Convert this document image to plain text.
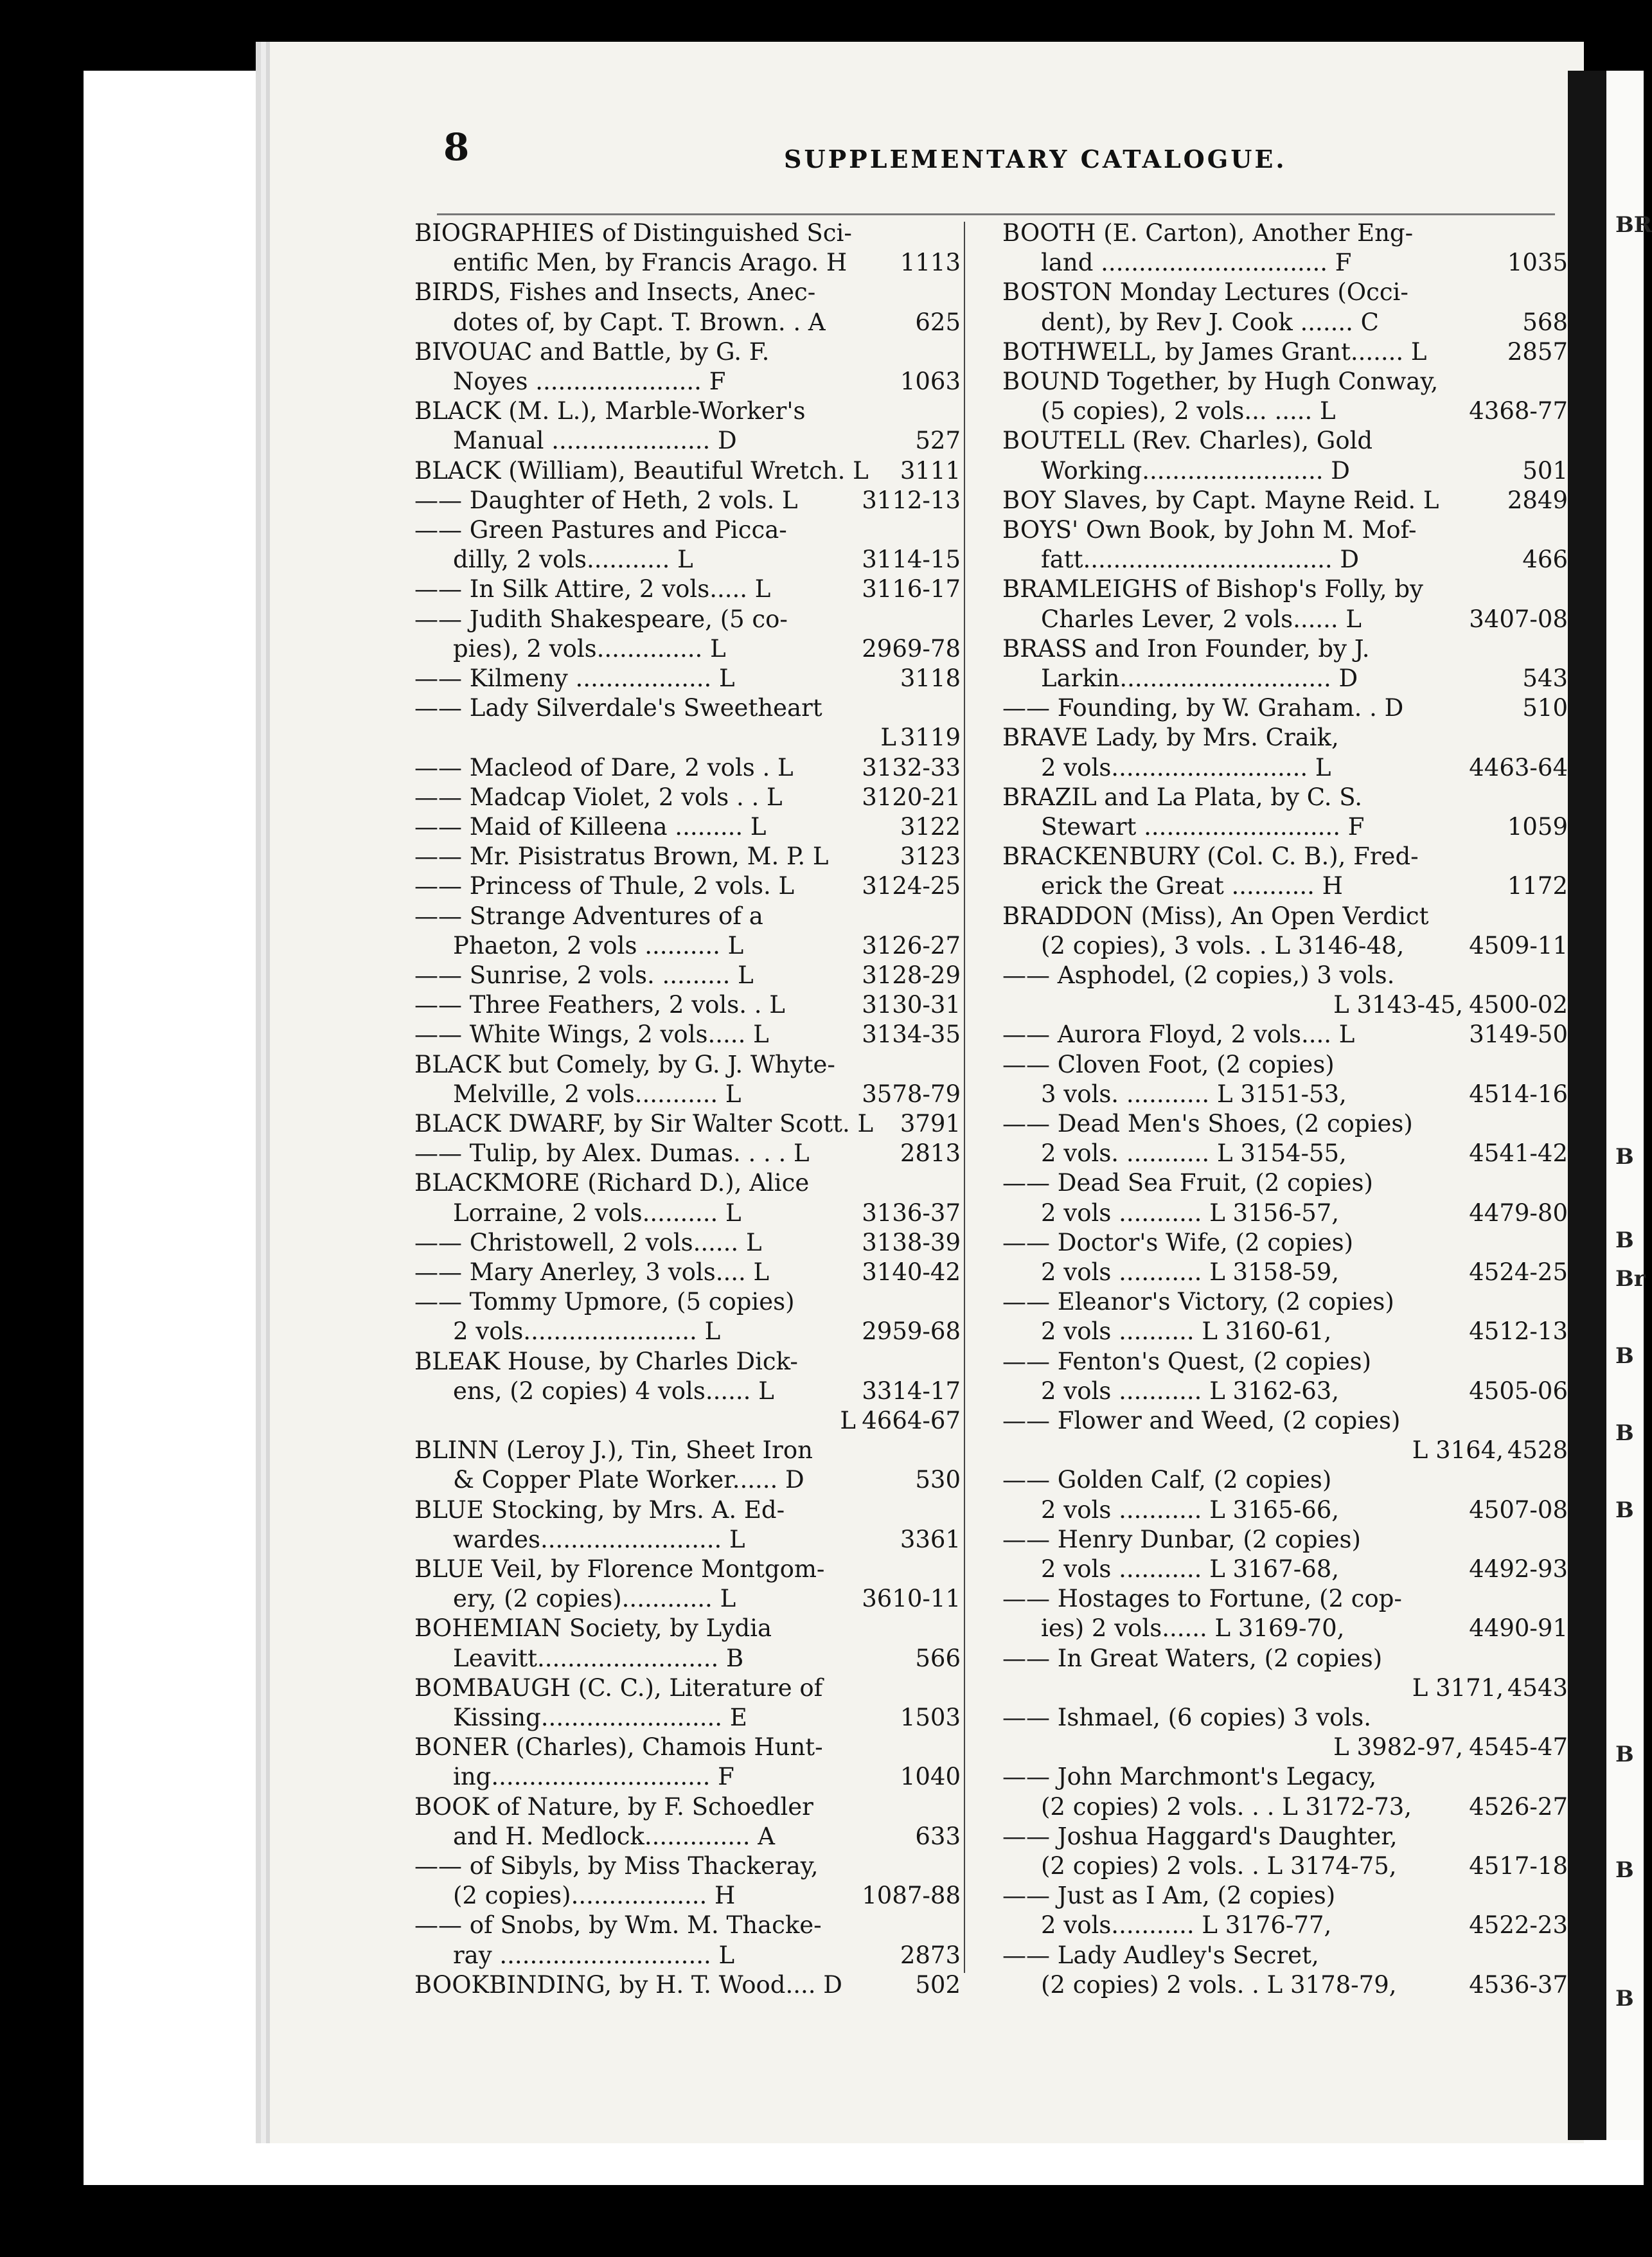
BR
B
B
Br
B
B
B
B
B
B
8	SUPPLEMENTARY CATALOGUE.
BIOGRAPHIES of Distinguished Sci-
entific Men, by Francis Arago. H 1113
BIRDS, Fishes and Insects, Anec-
dotes of, by Capt. T. Brown. . A	625
BIVOUAC and Battle, by G. F.
Noyes ...................... F	1063
BLACK (M. L.), Marble-Worker's
Manual ..................... D	527
BLACK (William), Beautiful Wretch. L 3111
—— Daughter of Heth, 2 vols. L	3112-13
—— Green Pastures and Picca-
dilly, 2 vols........... L	3114-15
—— In Silk Attire, 2 vols..... L	3116-17
—— Judith Shakespeare, (5 co-
pies), 2 vols.............. L	2969-78
—— Kilmeny .................. L	3118
—— Lady Silverdale's Sweetheart
L 3119
—— Macleod of Dare, 2 vols . L	3132-33
—— Madcap Violet, 2 vols . . L	3120-21
—— Maid of Killeena ......... L	3122
—— Mr. Pisistratus Brown, M. P. L	3123
—— Princess of Thule, 2 vols. L	3124-25
—— Strange Adventures of a
Phaeton, 2 vols .......... L	3126-27
—— Sunrise, 2 vols. ......... L	3128-29
—— Three Feathers, 2 vols. . L	3130-31
—— White Wings, 2 vols..... L	3134-35
BLACK but Comely, by G. J. Whyte-
Melville, 2 vols........... L	3578-79
BLACK DWARF, by Sir Walter Scott. L 3791
—— Tulip, by Alex. Dumas. . . . L	2813
BLACKMORE (Richard D.), Alice
Lorraine, 2 vols.......... L	3136-37
—— Christowell, 2 vols...... L	3138-39
—— Mary Anerley, 3 vols.... L	3140-42
—— Tommy Upmore, (5 copies)
2 vols....................... L	2959-68
BLEAK House, by Charles Dick-
ens, (2 copies) 4 vols...... L	3314-17
L 4664-67
BLINN (Leroy J.), Tin, Sheet Iron
& Copper Plate Worker...... D	530
BLUE Stocking, by Mrs. A. Ed-
wardes........................ L	3361
BLUE Veil, by Florence Montgom-
ery, (2 copies)............ L	3610-11
BOHEMIAN Society, by Lydia
Leavitt........................ B	566
BOMBAUGH (C. C.), Literature of
Kissing........................ E	1503
BONER (Charles), Chamois Hunt-
ing............................. F	1040
BOOK of Nature, by F. Schoedler
and H. Medlock.............. A	633
—— of Sibyls, by Miss Thackeray,
(2 copies).................. H	1087-88
—— of Snobs, by Wm. M. Thacke-
ray ............................ L	2873
BOOKBINDING, by H. T. Wood.... D	502
BOOTH (E. Carton), Another Eng-
land .............................. F	1035
BOSTON Monday Lectures (Occi-
dent), by Rev J. Cook ....... C	568
BOTHWELL, by James Grant....... L	2857
BOUND Together, by Hugh Conway,
(5 copies), 2 vols... ..... L	4368-77
BOUTELL (Rev. Charles), Gold
Working........................ D	501
BOY Slaves, by Capt. Mayne Reid. L	2849
BOYS' Own Book, by John M. Mof-
fatt................................. D	466
BRAMLEIGHS of Bishop's Folly, by
Charles Lever, 2 vols...... L	3407-08
BRASS and Iron Founder, by J.
Larkin............................ D	543
—— Founding, by W. Graham. . D	510
BRAVE Lady, by Mrs. Craik,
2 vols.......................... L	4463-64
BRAZIL and La Plata, by C. S.
Stewart .......................... F	1059
BRACKENBURY (Col. C. B.), Fred-
erick the Great ........... H	1172
BRADDON (Miss), An Open Verdict
(2 copies), 3 vols. . L 3146-48,	4509-11
—— Asphodel, (2 copies,) 3 vols.
L 3143-45, 4500-02
—— Aurora Floyd, 2 vols.... L	3149-50
—— Cloven Foot, (2 copies)
3 vols. ........... L 3151-53,	4514-16
—— Dead Men's Shoes, (2 copies)
2 vols. ........... L 3154-55,	4541-42
—— Dead Sea Fruit, (2 copies)
2 vols ........... L 3156-57,	4479-80
—— Doctor's Wife, (2 copies)
2 vols ........... L 3158-59,	4524-25
—— Eleanor's Victory, (2 copies)
2 vols .......... L 3160-61,	4512-13
—— Fenton's Quest, (2 copies)
2 vols ........... L 3162-63,	4505-06
—— Flower and Weed, (2 copies)
L 3164, 4528
—— Golden Calf, (2 copies)
2 vols ........... L 3165-66,	4507-08
—— Henry Dunbar, (2 copies)
2 vols ........... L 3167-68,	4492-93
—— Hostages to Fortune, (2 cop-
ies) 2 vols...... L 3169-70,	4490-91
—— In Great Waters, (2 copies)
L 3171, 4543
—— Ishmael, (6 copies) 3 vols.
L 3982-97, 4545-47
—— John Marchmont's Legacy,
(2 copies) 2 vols. . . L 3172-73, 4526-27
—— Joshua Haggard's Daughter,
(2 copies) 2 vols. . L 3174-75,	4517-18
—— Just as I Am, (2 copies)
2 vols........... L 3176-77,	4522-23
—— Lady Audley's Secret,
(2 copies) 2 vols. . L 3178-79,	4536-37
